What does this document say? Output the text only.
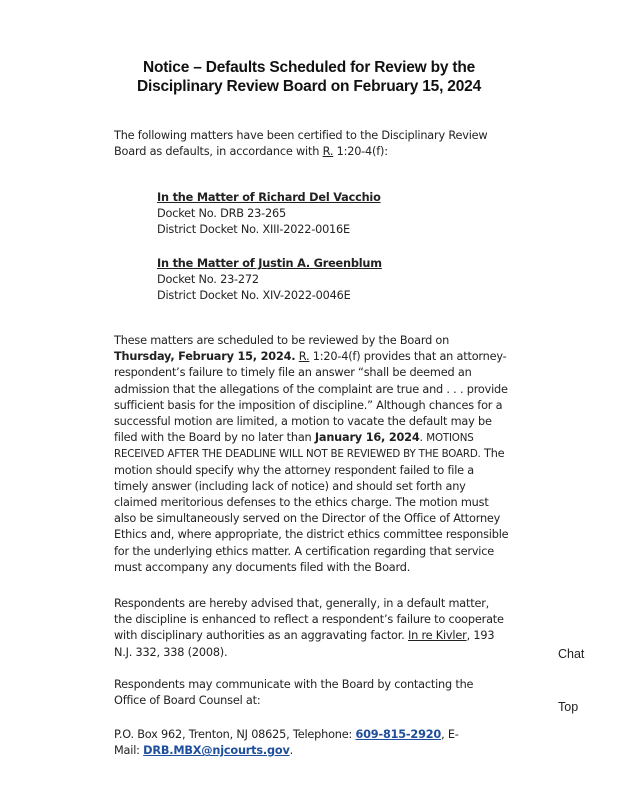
Notice – Defaults Scheduled for Review by the
Disciplinary Review Board on February 15, 2024
The following matters have been certified to the Disciplinary Review Board as defaults, in accordance with R. 1:20-4(f):
In the Matter of Richard Del Vacchio
Docket No. DRB 23-265
District Docket No. XIII-2022-0016E
In the Matter of Justin A. Greenblum
Docket No. 23-272
District Docket No. XIV-2022-0046E
These matters are scheduled to be reviewed by the Board on Thursday, February 15, 2024. R. 1:20-4(f) provides that an attorney-respondent’s failure to timely file an answer “shall be deemed an admission that the allegations of the complaint are true and . . . provide sufficient basis for the imposition of discipline.” Although chances for a successful motion are limited, a motion to vacate the default may be filed with the Board by no later than January 16, 2024. MOTIONS RECEIVED AFTER THE DEADLINE WILL NOT BE REVIEWED BY THE BOARD. The motion should specify why the attorney respondent failed to file a timely answer (including lack of notice) and should set forth any claimed meritorious defenses to the ethics charge. The motion must also be simultaneously served on the Director of the Office of Attorney Ethics and, where appropriate, the district ethics committee responsible for the underlying ethics matter. A certification regarding that service must accompany any documents filed with the Board.
Respondents are hereby advised that, generally, in a default matter, the discipline is enhanced to reflect a respondent’s failure to cooperate with disciplinary authorities as an aggravating factor. In re Kivler, 193 N.J. 332, 338 (2008).
Respondents may communicate with the Board by contacting the Office of Board Counsel at:
P.O. Box 962, Trenton, NJ 08625, Telephone: 609-815-2920, E-Mail: DRB.MBX@njcourts.gov.
Chat
Top
